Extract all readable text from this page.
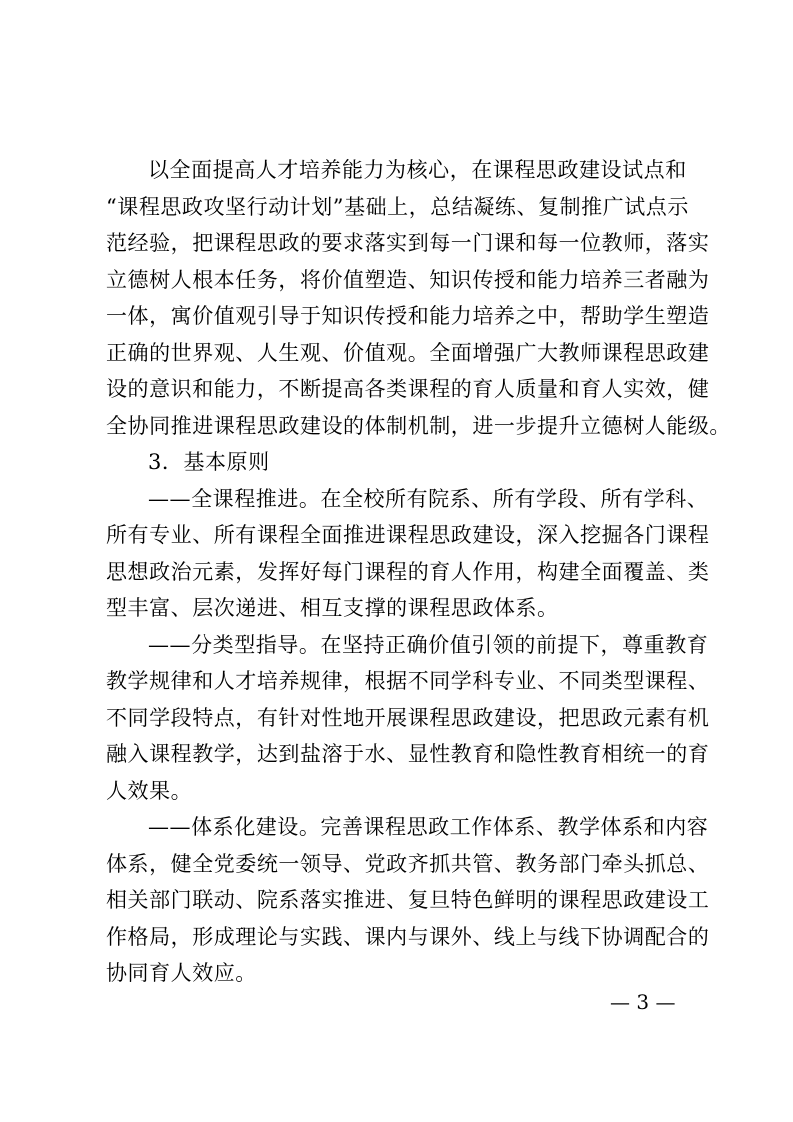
以全面提高人才培养能力为核心，在课程思政建设试点和
“课程思政攻坚行动计划”基础上，总结凝练、复制推广试点示
范经验，把课程思政的要求落实到每一门课和每一位教师，落实
立德树人根本任务，将价值塑造、知识传授和能力培养三者融为
一体，寓价值观引导于知识传授和能力培养之中，帮助学生塑造
正确的世界观、人生观、价值观。全面增强广大教师课程思政建
设的意识和能力，不断提高各类课程的育人质量和育人实效，健
全协同推进课程思政建设的体制机制，进一步提升立德树人能级。
3．基本原则
——全课程推进。在全校所有院系、所有学段、所有学科、
所有专业、所有课程全面推进课程思政建设，深入挖掘各门课程
思想政治元素，发挥好每门课程的育人作用，构建全面覆盖、类
型丰富、层次递进、相互支撑的课程思政体系。
——分类型指导。在坚持正确价值引领的前提下，尊重教育
教学规律和人才培养规律，根据不同学科专业、不同类型课程、
不同学段特点，有针对性地开展课程思政建设，把思政元素有机
融入课程教学，达到盐溶于水、显性教育和隐性教育相统一的育
人效果。
——体系化建设。完善课程思政工作体系、教学体系和内容
体系，健全党委统一领导、党政齐抓共管、教务部门牵头抓总、
相关部门联动、院系落实推进、复旦特色鲜明的课程思政建设工
作格局，形成理论与实践、课内与课外、线上与线下协调配合的
协同育人效应。
— 3 —
